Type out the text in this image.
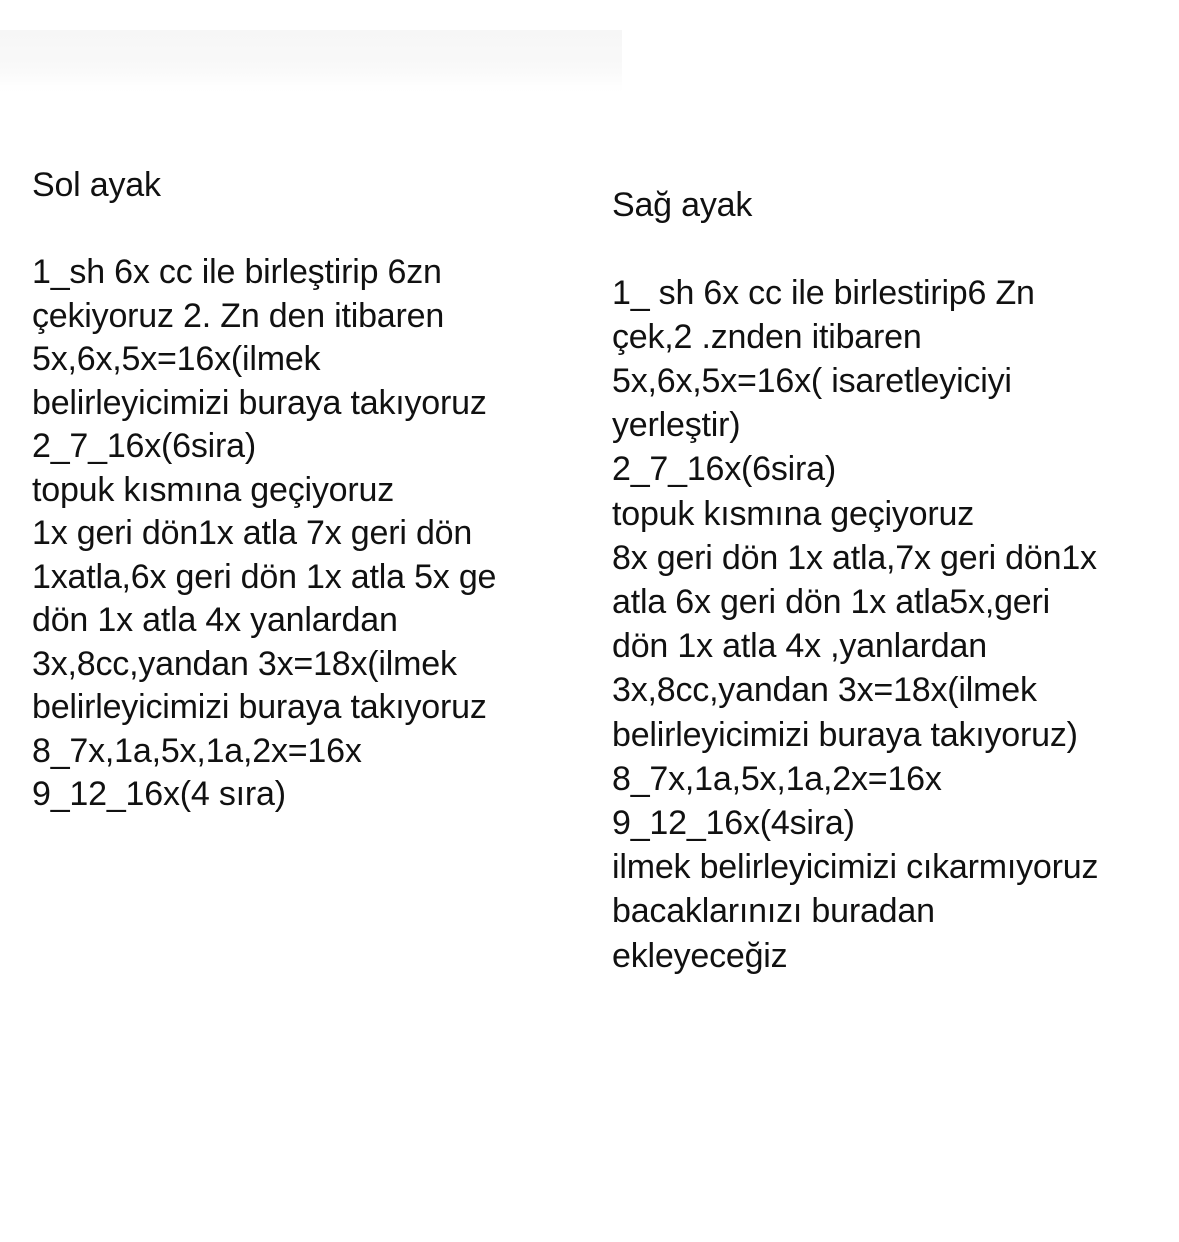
Sol ayak
1_sh 6x cc ile birleştirip 6zn
çekiyoruz 2. Zn den itibaren
5x,6x,5x=16x(ilmek
belirleyicimizi buraya takıyoruz
2_7_16x(6sira)
topuk kısmına geçiyoruz
1x geri dön1x atla 7x geri dön
1xatla,6x geri dön 1x atla 5x ge
dön 1x atla 4x yanlardan
3x,8cc,yandan 3x=18x(ilmek
belirleyicimizi buraya takıyoruz
8_7x,1a,5x,1a,2x=16x
9_12_16x(4 sıra)
Sağ ayak
1_ sh 6x cc ile birlestirip6 Zn
çek,2 .znden itibaren
5x,6x,5x=16x( isaretleyiciyi
yerleştir)
2_7_16x(6sira)
topuk kısmına geçiyoruz
8x geri dön 1x atla,7x geri dön1x
atla 6x geri dön 1x atla5x,geri
dön 1x atla 4x ,yanlardan
3x,8cc,yandan 3x=18x(ilmek
belirleyicimizi buraya takıyoruz)
8_7x,1a,5x,1a,2x=16x
9_12_16x(4sira)
ilmek belirleyicimizi cıkarmıyoruz
bacaklarınızı buradan
ekleyeceğiz
